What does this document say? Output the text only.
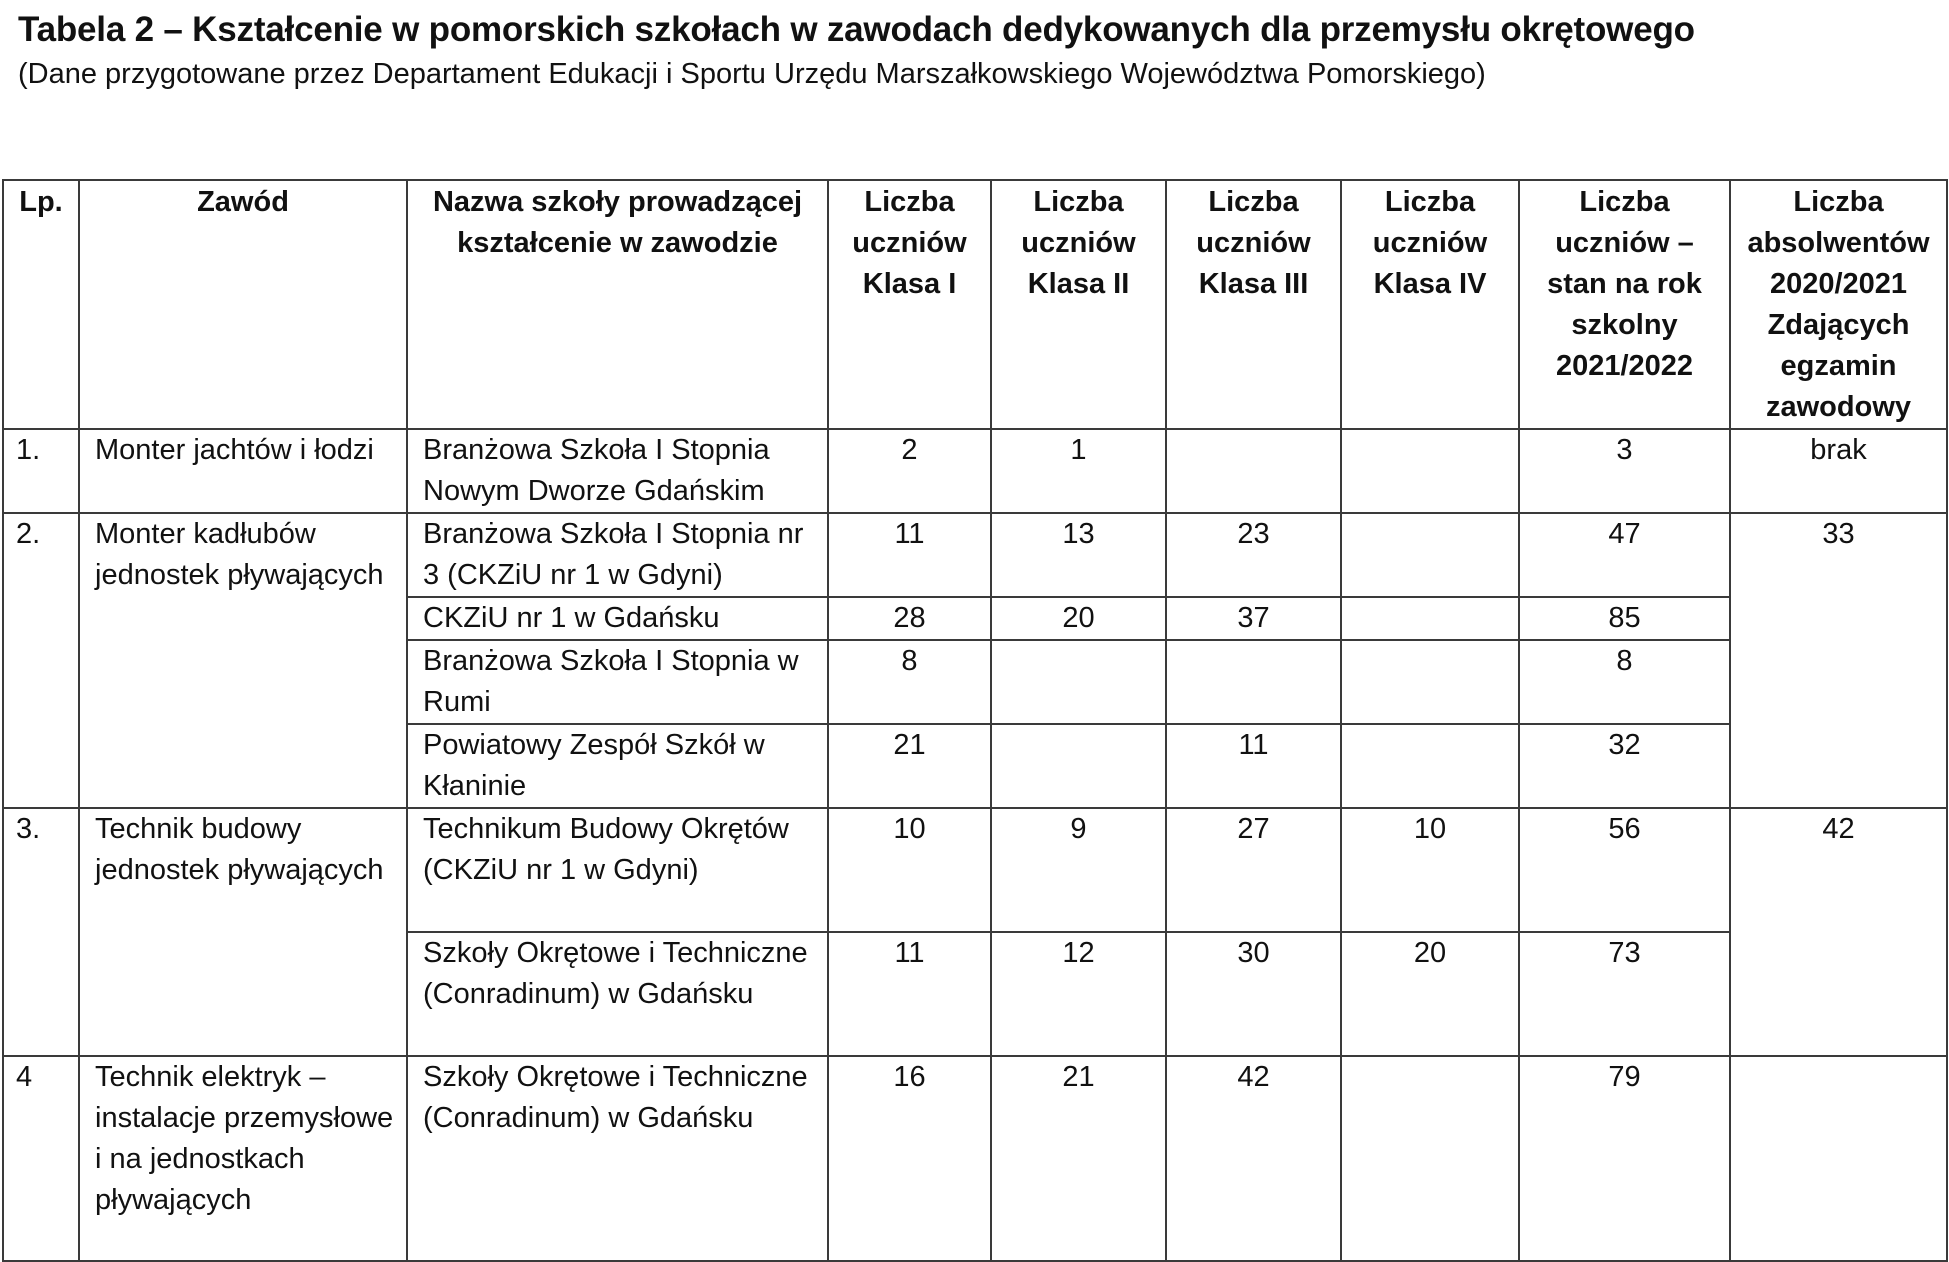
Tabela 2 – Kształcenie w pomorskich szkołach w zawodach dedykowanych dla przemysłu okrętowego

(Dane przygotowane przez Departament Edukacji i Sportu Urzędu Marszałkowskiego Województwa Pomorskiego)

Lp.	Zawód	Nazwa szkoły prowadzącej kształcenie w zawodzie	Liczba uczniów Klasa I	Liczba uczniów Klasa II	Liczba uczniów Klasa III	Liczba uczniów Klasa IV	Liczba uczniów – stan na rok szkolny 2021/2022	Liczba absolwentów 2020/2021 Zdających egzamin zawodowy
1.	Monter jachtów i łodzi	Branżowa Szkoła I Stopnia Nowym Dworze Gdańskim	2	1			3	brak
2.	Monter kadłubów jednostek pływających	Branżowa Szkoła I Stopnia nr 3 (CKZiU nr 1 w Gdyni)	11	13	23		47	33
		CKZiU nr 1 w Gdańsku	28	20	37		85	
		Branżowa Szkoła I Stopnia w Rumi	8				8	
		Powiatowy Zespół Szkół w Kłaninie	21		11		32	
3.	Technik budowy jednostek pływających	Technikum Budowy Okrętów (CKZiU nr 1 w Gdyni)	10	9	27	10	56	42
		Szkoły Okrętowe i Techniczne (Conradinum) w Gdańsku	11	12	30	20	73	
4	Technik elektryk – instalacje przemysłowe i na jednostkach pływających	Szkoły Okrętowe i Techniczne (Conradinum) w Gdańsku	16	21	42		79	
